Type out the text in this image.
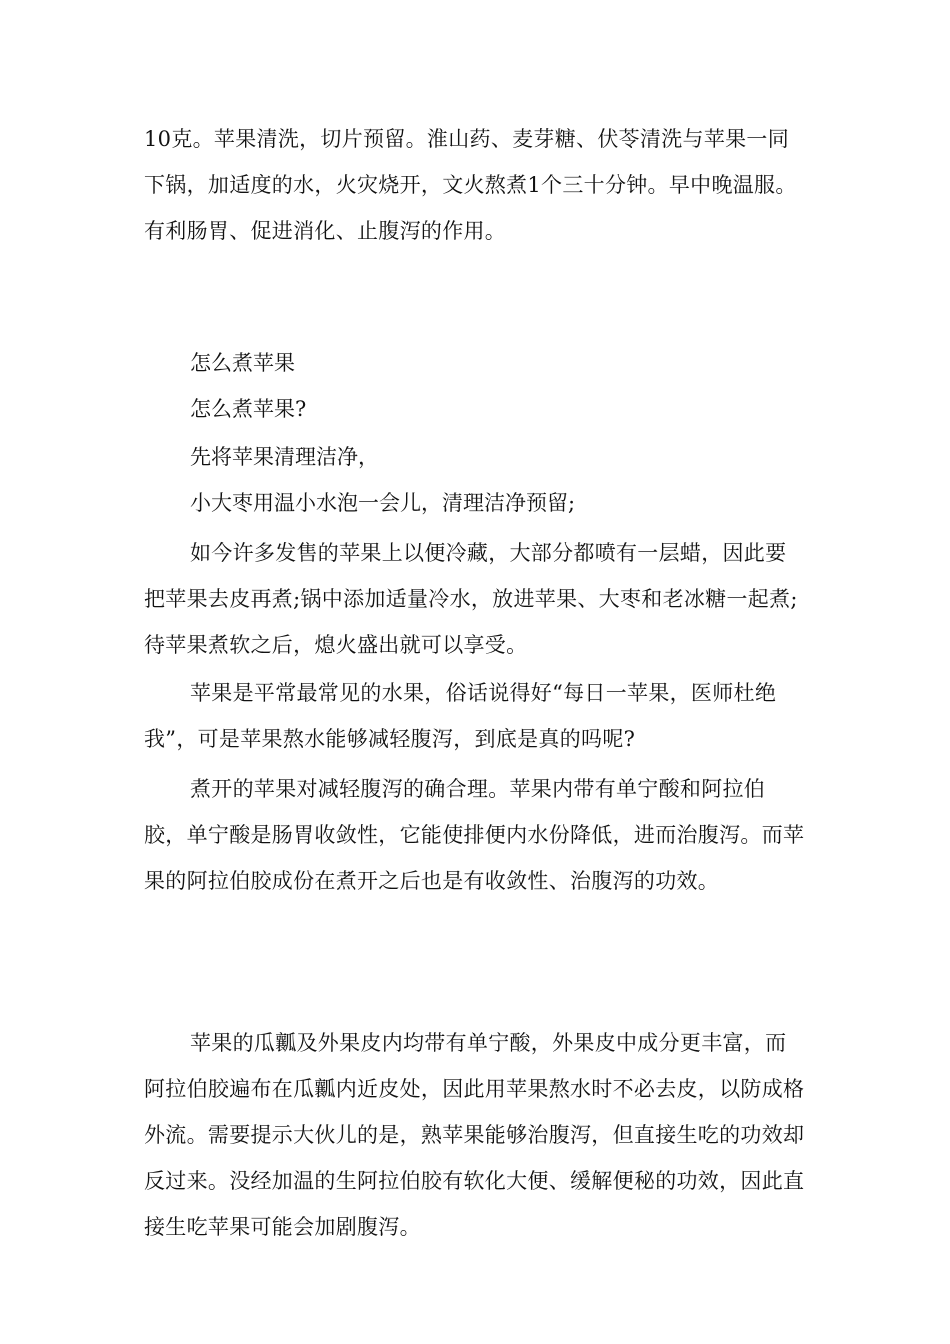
10克。苹果清洗，切片预留。淮山药、麦芽糖、伏苓清洗与苹果一同下锅，加适度的水，火灾烧开，文火熬煮1个三十分钟。早中晚温服。有利肠胃、促进消化、止腹泻的作用。

怎么煮苹果

怎么煮苹果?

先将苹果清理洁净，

小大枣用温小水泡一会儿，清理洁净预留;

如今许多发售的苹果上以便冷藏，大部分都喷有一层蜡，因此要把苹果去皮再煮;锅中添加适量冷水，放进苹果、大枣和老冰糖一起煮;待苹果煮软之后，熄火盛出就可以享受。

苹果是平常最常见的水果，俗话说得好“每日一苹果，医师杜绝我”，可是苹果熬水能够减轻腹泻，到底是真的吗呢?

煮开的苹果对减轻腹泻的确合理。苹果内带有单宁酸和阿拉伯胶，单宁酸是肠胃收敛性，它能使排便内水份降低，进而治腹泻。而苹果的阿拉伯胶成份在煮开之后也是有收敛性、治腹泻的功效。

苹果的瓜瓤及外果皮内均带有单宁酸，外果皮中成分更丰富，而阿拉伯胶遍布在瓜瓤内近皮处，因此用苹果熬水时不必去皮，以防成格外流。需要提示大伙儿的是，熟苹果能够治腹泻，但直接生吃的功效却反过来。没经加温的生阿拉伯胶有软化大便、缓解便秘的功效，因此直接生吃苹果可能会加剧腹泻。
